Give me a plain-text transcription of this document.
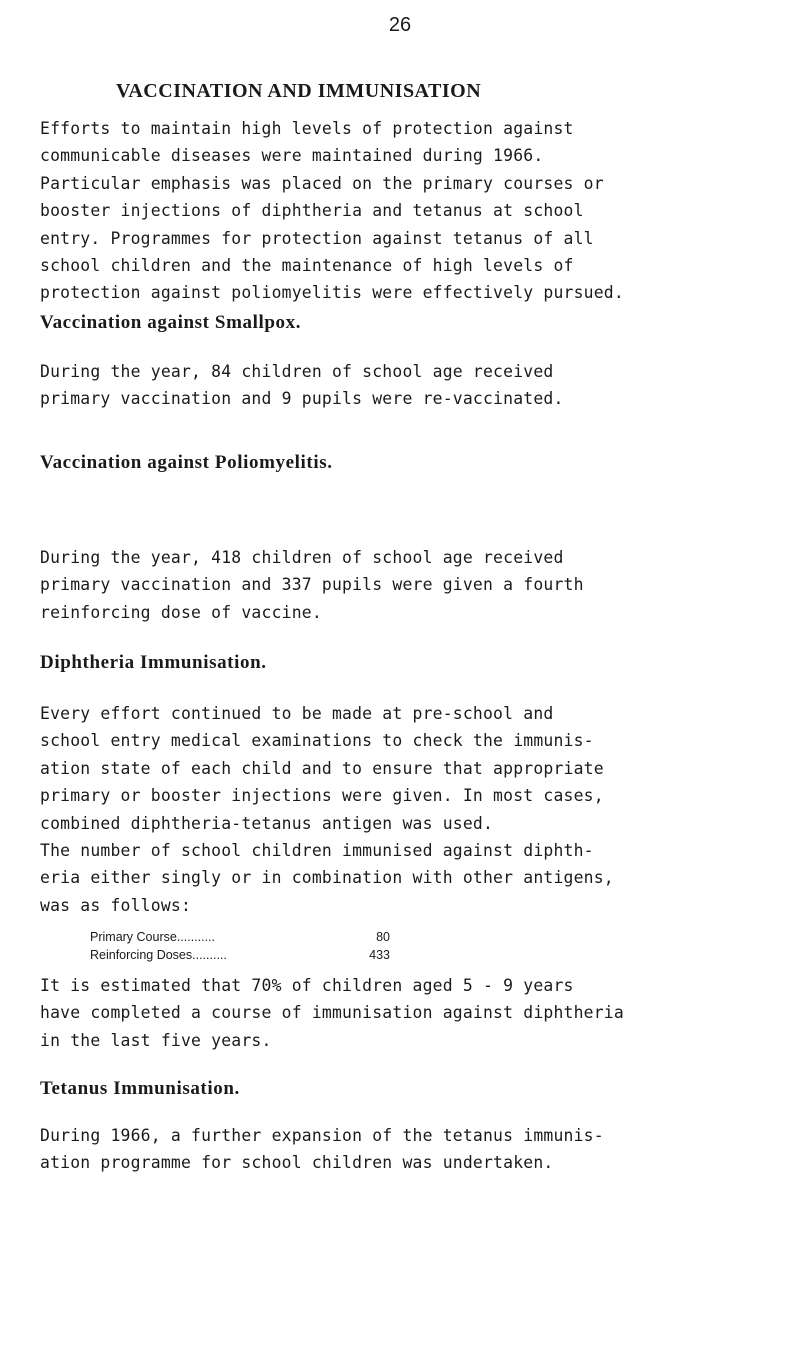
26
VACCINATION AND IMMUNISATION
Efforts to maintain high levels of protection against
communicable diseases were maintained during 1966.
Particular emphasis was placed on the primary courses or
booster injections of diphtheria and tetanus at school
entry. Programmes for protection against tetanus of all
school children and the maintenance of high levels of
protection against poliomyelitis were effectively pursued.
Vaccination against Smallpox.
During the year, 84 children of school age received
primary vaccination and 9 pupils were re-vaccinated.
Vaccination against Poliomyelitis.
During the year, 418 children of school age received
primary vaccination and 337 pupils were given a fourth
reinforcing dose of vaccine.
Diphtheria Immunisation.
Every effort continued to be made at pre-school and
school entry medical examinations to check the immunis-
ation state of each child and to ensure that appropriate
primary or booster injections were given. In most cases,
combined diphtheria-tetanus antigen was used.
The number of school children immunised against diphth-
eria either singly or in combination with other antigens,
was as follows:
Primary Course...........	80
Reinforcing Doses..........	433
It is estimated that 70% of children aged 5 - 9 years
have completed a course of immunisation against diphtheria
in the last five years.
Tetanus Immunisation.
During 1966, a further expansion of the tetanus immunis-
ation programme for school children was undertaken.
